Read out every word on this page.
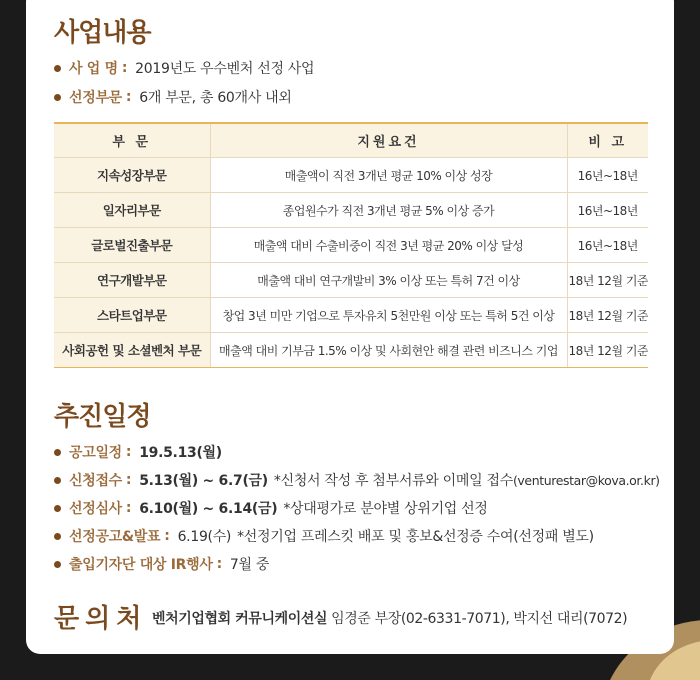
사업내용
사 업 명 : 2019년도 우수벤처 선정 사업
선정부문 : 6개 부문, 총 60개사 내외
부 문	지원요건	비 고
지속성장부문	매출액이 직전 3개년 평균 10% 이상 성장	16년~18년
일자리부문	종업원수가 직전 3개년 평균 5% 이상 증가	16년~18년
글로벌진출부문	매출액 대비 수출비중이 직전 3년 평균 20% 이상 달성	16년~18년
연구개발부문	매출액 대비 연구개발비 3% 이상 또는 특허 7건 이상	18년 12월 기준
스타트업부문	창업 3년 미만 기업으로 투자유치 5천만원 이상 또는 특허 5건 이상	18년 12월 기준
사회공헌 및 소셜벤처 부문	매출액 대비 기부금 1.5% 이상 및 사회현안 해결 관련 비즈니스 기업	18년 12월 기준
추진일정
공고일정 : 19.5.13(월)
신청접수 : 5.13(월) ~ 6.7(금) *신청서 작성 후 첨부서류와 이메일 접수 (venturestar@kova.or.kr)
선정심사 : 6.10(월) ~ 6.14(금) *상대평가로 분야별 상위기업 선정
선정공고&발표 : 6.19(수) *선정기업 프레스킷 배포 및 홍보&선정증 수여(선정패 별도)
출입기자단 대상 IR행사 : 7월 중
문의처 벤처기업협회 커뮤니케이션실 임경준 부장(02-6331-7071), 박지선 대리(7072)
